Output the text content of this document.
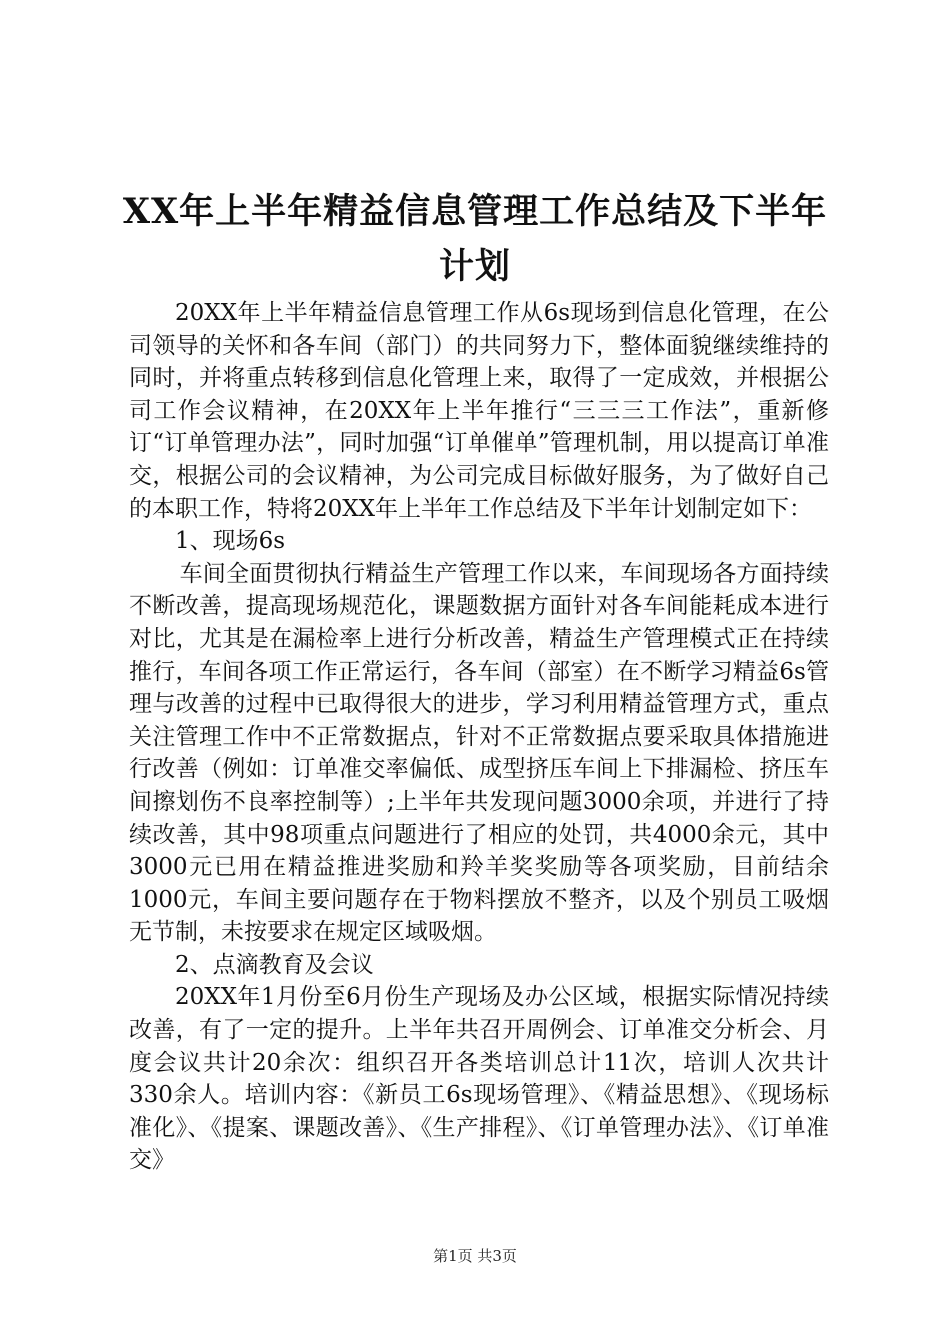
XX年上半年精益信息管理工作总结及下半年
计划

20XX年上半年精益信息管理工作从6s现场到信息化管理，在公司领导的关怀和各车间（部门）的共同努力下，整体面貌继续维持的同时，并将重点转移到信息化管理上来，取得了一定成效，并根据公司工作会议精神，在20XX年上半年推行“三三三工作法”，重新修订“订单管理办法”，同时加强“订单催单”管理机制，用以提高订单准交，根据公司的会议精神，为公司完成目标做好服务，为了做好自己的本职工作，特将20XX年上半年工作总结及下半年计划制定如下：

1、现场6s

车间全面贯彻执行精益生产管理工作以来，车间现场各方面持续不断改善，提高现场规范化，课题数据方面针对各车间能耗成本进行对比，尤其是在漏检率上进行分析改善，精益生产管理模式正在持续推行，车间各项工作正常运行，各车间（部室）在不断学习精益6s管理与改善的过程中已取得很大的进步，学习利用精益管理方式，重点关注管理工作中不正常数据点，针对不正常数据点要采取具体措施进行改善（例如：订单准交率偏低、成型挤压车间上下排漏检、挤压车间擦划伤不良率控制等）;上半年共发现问题3000余项，并进行了持续改善，其中98项重点问题进行了相应的处罚，共4000余元，其中3000元已用在精益推进奖励和羚羊奖奖励等各项奖励，目前结余1000元，车间主要问题存在于物料摆放不整齐，以及个别员工吸烟无节制，未按要求在规定区域吸烟。

2、点滴教育及会议

20XX年1月份至6月份生产现场及办公区域，根据实际情况持续改善，有了一定的提升。上半年共召开周例会、订单准交分析会、月度会议共计20余次：组织召开各类培训总计11次，培训人次共计330余人。培训内容：《新员工6s现场管理》、《精益思想》、《现场标准化》、《提案、课题改善》、《生产排程》、《订单管理办法》、《订单准交》

第1页 共3页
